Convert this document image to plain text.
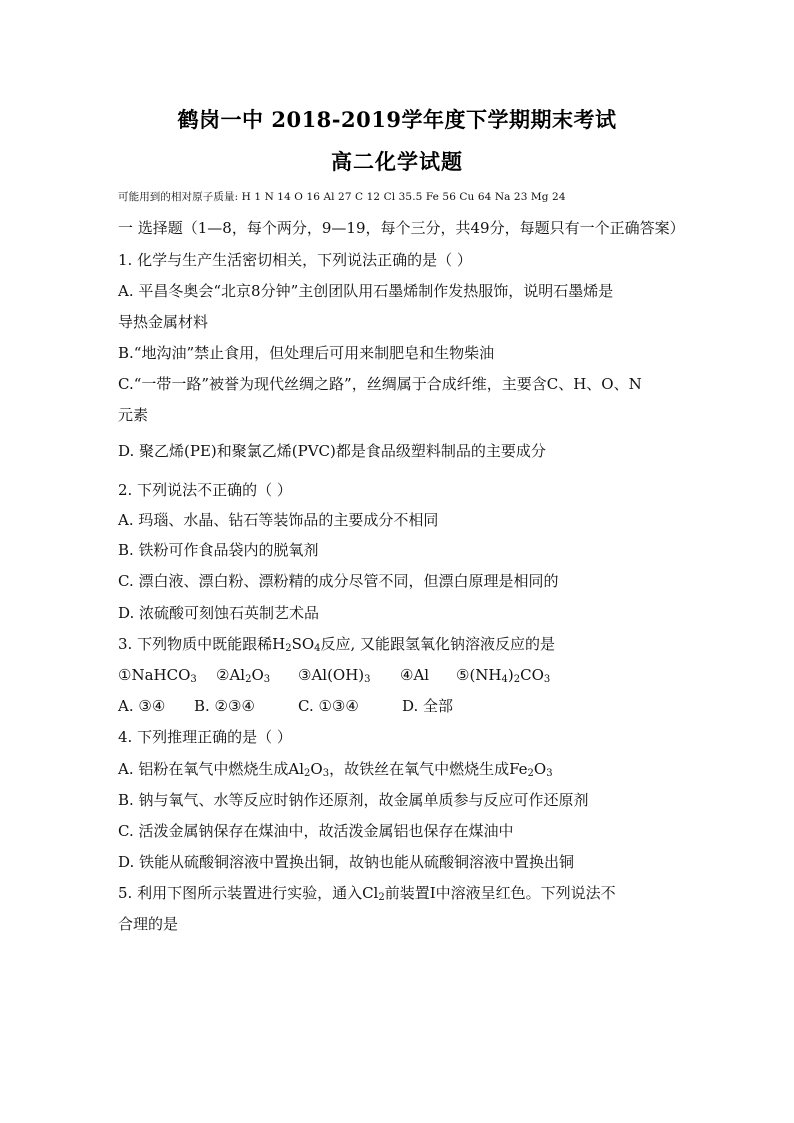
鹤岗一中 2018-2019学年度下学期期末考试
高二化学试题
可能用到的相对原子质量: H 1 N 14 O 16 Al 27 C 12 Cl 35.5 Fe 56 Cu 64 Na 23 Mg 24
一 选择题（1—8，每个两分，9—19，每个三分，共49分，每题只有一个正确答案）
1. 化学与生产生活密切相关，下列说法正确的是（ ）
A. 平昌冬奥会“北京8分钟”主创团队用石墨烯制作发热服饰，说明石墨烯是
导热金属材料
B.“地沟油”禁止食用，但处理后可用来制肥皂和生物柴油
C.“一带一路”被誉为现代丝绸之路”，丝绸属于合成纤维，主要含C、H、O、N
元素
D. 聚乙烯(PE)和聚氯乙烯(PVC)都是食品级塑料制品的主要成分
2. 下列说法不正确的（ ）
A. 玛瑙、水晶、钻石等装饰品的主要成分不相同
B. 铁粉可作食品袋内的脱氧剂
C. 漂白液、漂白粉、漂粉精的成分尽管不同，但漂白原理是相同的
D. 浓硫酸可刻蚀石英制艺术品
3. 下列物质中既能跟稀$H_2SO_4$反应, 又能跟氢氧化钠溶液反应的是
①NaHCO$_3$ $②Al_2O_3$ $③Al(OH)_3$ ④Al $⑤(NH_4)_2CO_3$
A. ③④ B. ②③④	C. ①③④	D. 全部
4. 下列推理正确的是（ ）
A. 铝粉在氧气中燃烧生成$Al_2O_3$，故铁丝在氧气中燃烧生成$Fe_2O_3$
B. 钠与氧气、水等反应时钠作还原剂，故金属单质参与反应可作还原剂
C. 活泼金属钠保存在煤油中，故活泼金属铝也保存在煤油中
D. 铁能从硫酸铜溶液中置换出铜，故钠也能从硫酸铜溶液中置换出铜
5. 利用下图所示装置进行实验，通入$Cl_2$前装置Ⅰ中溶液呈红色。下列说法不
合理的是
